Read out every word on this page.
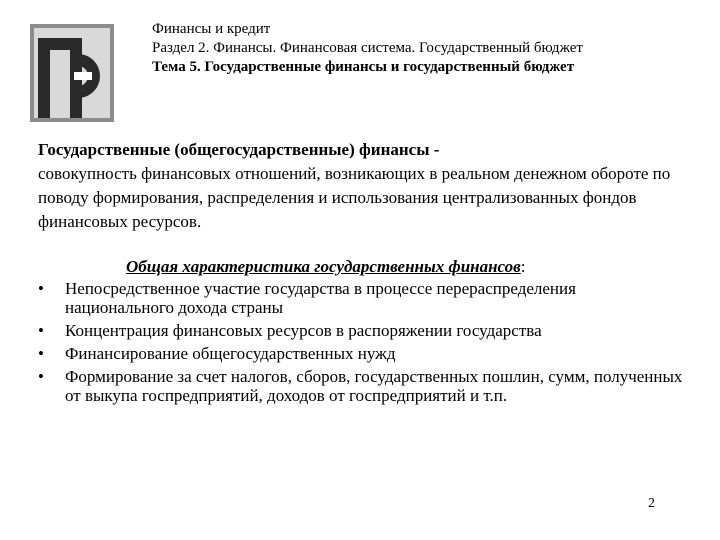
Финансы и кредит
Раздел 2. Финансы. Финансовая система. Государственный бюджет
Тема 5. Государственные финансы и государственный бюджет
Государственные (общегосударственные) финансы -
совокупность финансовых отношений, возникающих в реальном денежном обороте по поводу формирования, распределения и использования централизованных фондов финансовых ресурсов.
Общая характеристика государственных финансов:
• Непосредственное участие государства в процессе перераспределения национального дохода страны
• Концентрация финансовых ресурсов в распоряжении государства
• Финансирование общегосударственных нужд
• Формирование за счет налогов, сборов, государственных пошлин, сумм, полученных от выкупа госпредприятий, доходов от госпредприятий и т.п.
2
